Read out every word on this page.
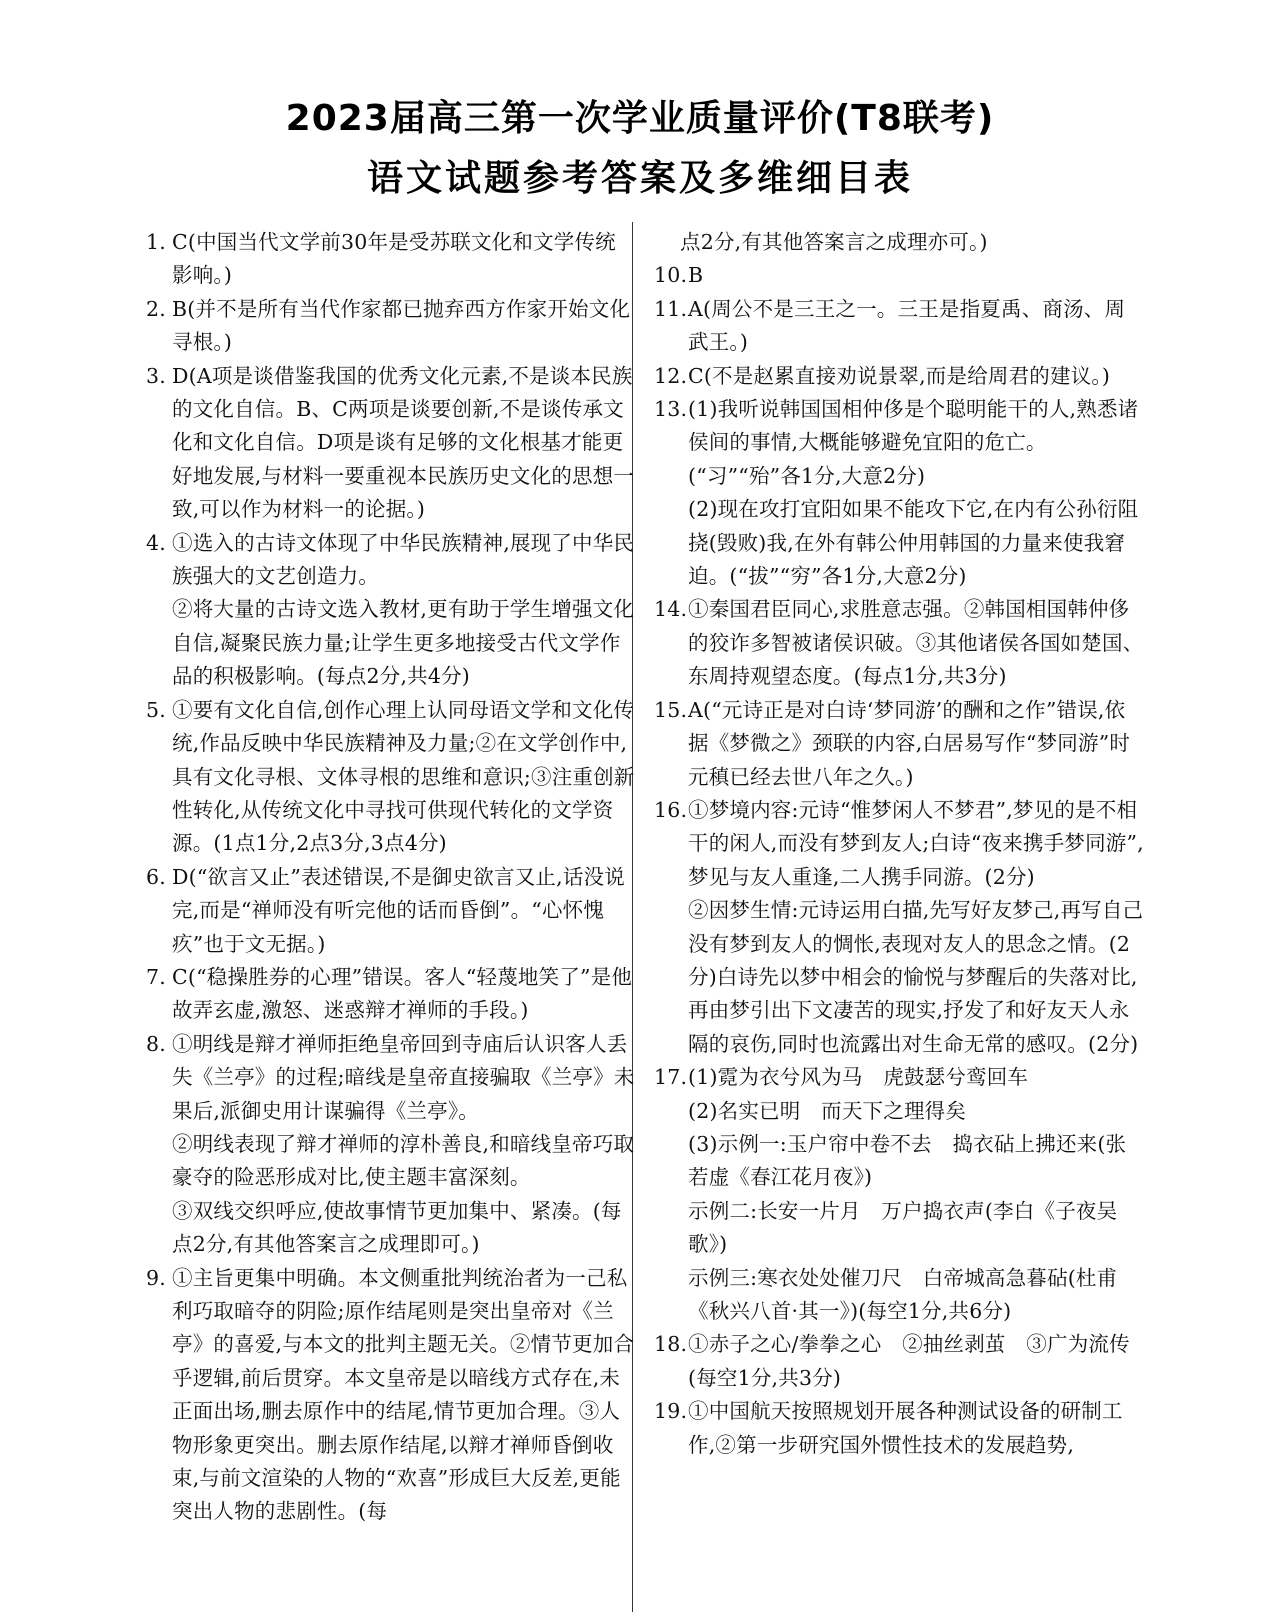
2023届高三第一次学业质量评价(T8联考)
语文试题参考答案及多维细目表
1. C(中国当代文学前30年是受苏联文化和文学传统影响。)

2. B(并不是所有当代作家都已抛弃西方作家开始文化寻根。)

3. D(A项是谈借鉴我国的优秀文化元素,不是谈本民族的文化自信。B、C两项是谈要创新,不是谈传承文化和文化自信。D项是谈有足够的文化根基才能更好地发展,与材料一要重视本民族历史文化的思想一致,可以作为材料一的论据。)

4. ①选入的古诗文体现了中华民族精神,展现了中华民族强大的文艺创造力。

②将大量的古诗文选入教材,更有助于学生增强文化自信,凝聚民族力量;让学生更多地接受古代文学作品的积极影响。(每点2分,共4分)

5. ①要有文化自信,创作心理上认同母语文学和文化传统,作品反映中华民族精神及力量;②在文学创作中,具有文化寻根、文体寻根的思维和意识;③注重创新性转化,从传统文化中寻找可供现代转化的文学资源。(1点1分,2点3分,3点4分)

6. D(“欲言又止”表述错误,不是御史欲言又止,话没说完,而是“禅师没有听完他的话而昏倒”。“心怀愧疚”也于文无据。)

7. C(“稳操胜券的心理”错误。客人“轻蔑地笑了”是他故弄玄虚,激怒、迷惑辩才禅师的手段。)

8. ①明线是辩才禅师拒绝皇帝回到寺庙后认识客人丢失《兰亭》的过程;暗线是皇帝直接骗取《兰亭》未果后,派御史用计谋骗得《兰亭》。

②明线表现了辩才禅师的淳朴善良,和暗线皇帝巧取豪夺的险恶形成对比,使主题丰富深刻。

③双线交织呼应,使故事情节更加集中、紧凑。(每点2分,有其他答案言之成理即可。)

9. ①主旨更集中明确。本文侧重批判统治者为一己私利巧取暗夺的阴险;原作结尾则是突出皇帝对《兰亭》的喜爱,与本文的批判主题无关。②情节更加合乎逻辑,前后贯穿。本文皇帝是以暗线方式存在,未正面出场,删去原作中的结尾,情节更加合理。③人物形象更突出。删去原作结尾,以辩才禅师昏倒收束,与前文渲染的人物的“欢喜”形成巨大反差,更能突出人物的悲剧性。(每

点2分,有其他答案言之成理亦可。)

10. B

11. A(周公不是三王之一。三王是指夏禹、商汤、周武王。)

12. C(不是赵累直接劝说景翠,而是给周君的建议。)

13. (1)我听说韩国国相仲侈是个聪明能干的人,熟悉诸侯间的事情,大概能够避免宜阳的危亡。(“习”“殆”各1分,大意2分)

(2)现在攻打宜阳如果不能攻下它,在内有公孙衍阻挠(毁败)我,在外有韩公仲用韩国的力量来使我窘迫。(“拔”“穷”各1分,大意2分)

14. ①秦国君臣同心,求胜意志强。②韩国相国韩仲侈的狡诈多智被诸侯识破。③其他诸侯各国如楚国、东周持观望态度。(每点1分,共3分)

15. A(“元诗正是对白诗‘梦同游’的酬和之作”错误,依据《梦微之》颈联的内容,白居易写作“梦同游”时元稹已经去世八年之久。)

16. ①梦境内容:元诗“惟梦闲人不梦君”,梦见的是不相干的闲人,而没有梦到友人;白诗“夜来携手梦同游”,梦见与友人重逢,二人携手同游。(2分)

②因梦生情:元诗运用白描,先写好友梦己,再写自己没有梦到友人的惆怅,表现对友人的思念之情。(2分)白诗先以梦中相会的愉悦与梦醒后的失落对比,再由梦引出下文凄苦的现实,抒发了和好友天人永隔的哀伤,同时也流露出对生命无常的感叹。(2分)

17. (1)霓为衣兮风为马　虎鼓瑟兮鸾回车

(2)名实已明　而天下之理得矣

(3)示例一:玉户帘中卷不去　捣衣砧上拂还来(张若虚《春江花月夜》)

示例二:长安一片月　万户捣衣声(李白《子夜吴歌》)

示例三:寒衣处处催刀尺　白帝城高急暮砧(杜甫《秋兴八首·其一》)(每空1分,共6分)

18. ①赤子之心/拳拳之心　②抽丝剥茧　③广为流传(每空1分,共3分)

19. ①中国航天按照规划开展各种测试设备的研制工作,②第一步研究国外惯性技术的发展趋势,
